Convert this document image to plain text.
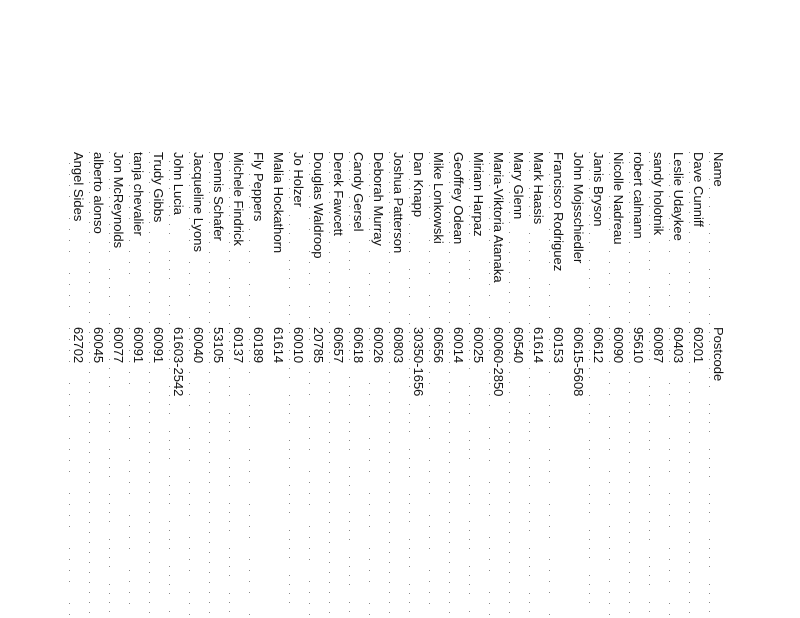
Name	Postcode
Dave Cunniff	60201
Leslie Udaykee	60403
sandy holotnik	60087
robert calmann	95610
Nicolle Nadreau	60090
Janis Bryson	60612
John Mojsschiedler	60615-5608
Francisco Rodriguez	60153
Mark Haasis	61614
Mary Glenn	60540
Maria-Viktoria Atanaka	60060-2850
Miriam Harpaz	60025
Geoffrey Odean	60014
Mike Lonkowski	60656
Dan Knapp	30350-1656
Joshua Patterson	60803
Deborah Murray	60026
Candy Gersel	60618
Derek Fawcett	60657
Douglas Waldroop	20785
Jo Holzer	60010
Malia Hockathorn	61614
Fly Peppers	60189
Michele Findrick	60137
Dennis Schafer	53105
Jacqueline Lyons	60040
John Lucia	61603-2542
Trudy Gibbs	60091
tanja chevalier	60091
Jon McReynolds	60077
alberto alonso	60045
Angel Sides	62702
